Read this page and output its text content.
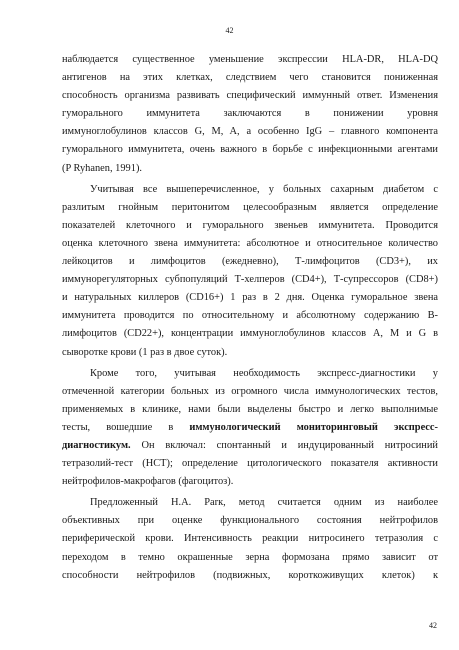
42
наблюдается существенное уменьшение экспрессии HLA-DR, HLA-DQ
антигенов на этих клетках, следствием чего становится пониженная
способность организма развивать специфический иммунный ответ. Изменения
гуморального иммунитета заключаются в понижении уровня
иммуноглобулинов классов G, M, A, а особенно IgG – главного компонента
гуморального иммунитета, очень важного в борьбе с инфекционными агентами
(P Ryhanen, 1991).
Учитывая все вышеперечисленное, у больных сахарным диабетом с
разлитым гнойным перитонитом целесообразным является определение
показателей клеточного и гуморального звеньев иммунитета. Проводится
оценка клеточного звена иммунитета: абсолютное и относительное количество
лейкоцитов и лимфоцитов (ежедневно), Т-лимфоцитов (CD3+), их
иммунорегуляторных субпопуляций Т-хелперов (CD4+), Т-супрессоров (CD8+)
и натуральных киллеров (CD16+) 1 раз в 2 дня. Оценка гуморальное звена
иммунитета проводится по относительному и абсолютному содержанию В-
лимфоцитов (CD22+), концентрации иммуноглобулинов классов A, M и G в
сыворотке крови (1 раз в двое суток).
Кроме того, учитывая необходимость экспресс-диагностики у
отмеченной категории больных из огромного числа иммунологических тестов,
применяемых в клинике, нами были выделены быстро и легко выполнимые
тесты, вошедшие в иммунологический мониторинговый экспресс-
диагностикум. Он включал: спонтанный и индуцированный нитросиний
тетразолий-тест (НСТ); определение цитологического показателя активности
нейтрофилов-макрофагов (фагоцитоз).
Предложенный H.A. Parк, метод считается одним из наиболее
объективных при оценке функционального состояния нейтрофилов
периферической крови. Интенсивность реакции нитросинего тетразолия с
переходом в темно окрашенные зерна формозана прямо зависит от
способности нейтрофилов (подвижных, короткоживущих клеток) к
42
